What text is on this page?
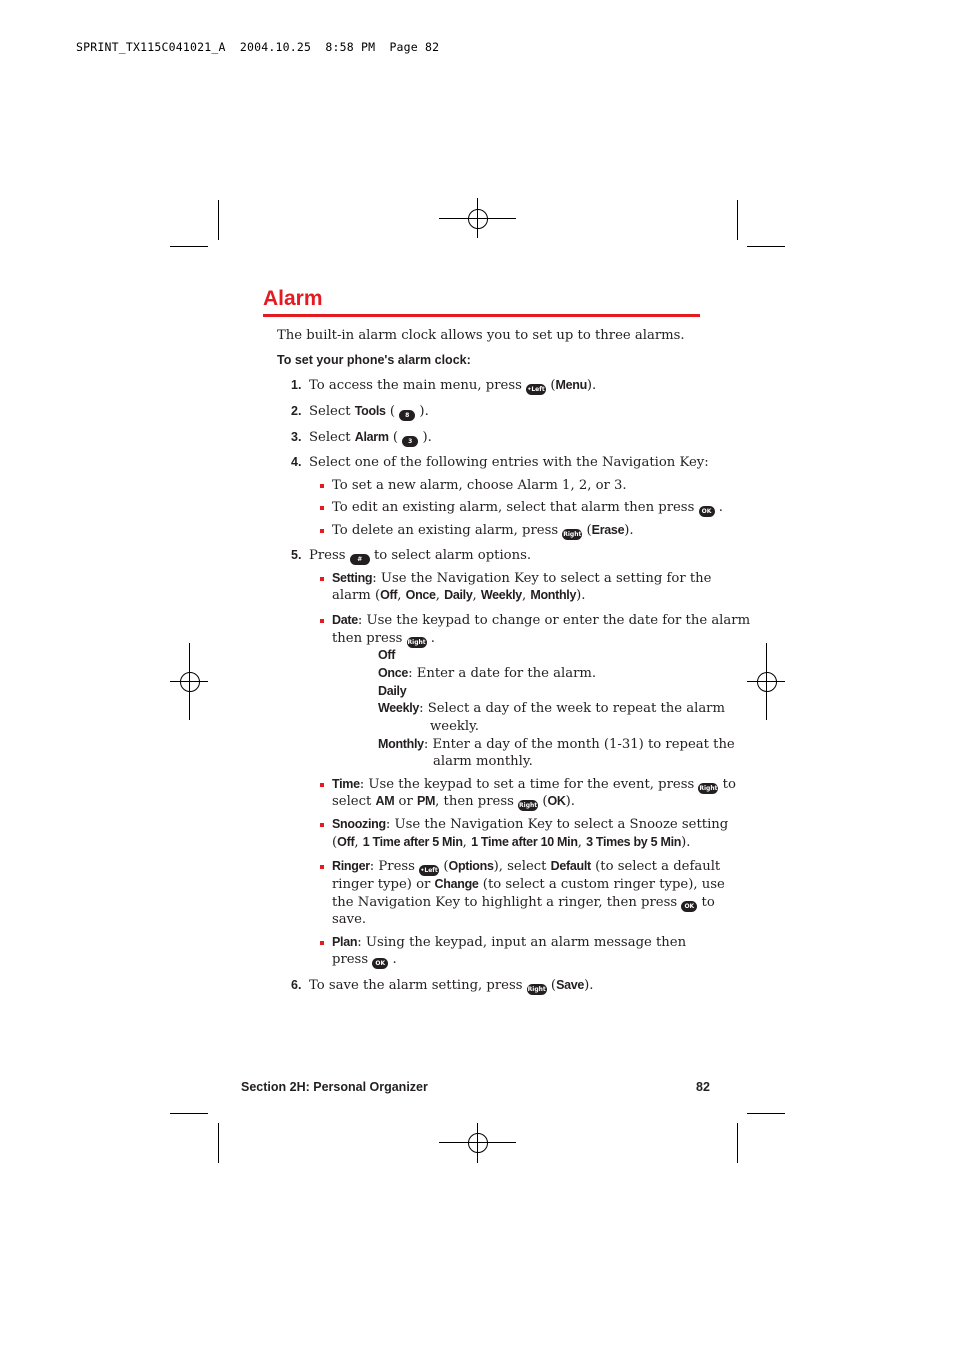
SPRINT_TX115C041021_A  2004.10.25  8:58 PM  Page 82
Alarm
The built-in alarm clock allows you to set up to three alarms.
To set your phone's alarm clock:
1. To access the main menu, press •Left (Menu).
2. Select Tools ( 8 ).
3. Select Alarm ( 3 ).
4. Select one of the following entries with the Navigation Key:
To set a new alarm, choose Alarm 1, 2, or 3.
To edit an existing alarm, select that alarm then press OK .
To delete an existing alarm, press Right (Erase).
5. Press # to select alarm options.
Setting: Use the Navigation Key to select a setting for the
alarm (Off, Once, Daily, Weekly, Monthly).
Date: Use the keypad to change or enter the date for the alarm
then press Right .
Off
Once: Enter a date for the alarm.
Daily
Weekly: Select a day of the week to repeat the alarm
weekly.
Monthly: Enter a day of the month (1-31) to repeat the
alarm monthly.
Time: Use the keypad to set a time for the event, press Right to
select AM or PM, then press Right (OK).
Snoozing: Use the Navigation Key to select a Snooze setting
(Off, 1 Time after 5 Min, 1 Time after 10 Min, 3 Times by 5 Min).
Ringer: Press •Left (Options), select Default (to select a default
ringer type) or Change (to select a custom ringer type), use
the Navigation Key to highlight a ringer, then press OK to
save.
Plan: Using the keypad, input an alarm message then
press OK .
6. To save the alarm setting, press Right (Save).
Section 2H: Personal Organizer	82
